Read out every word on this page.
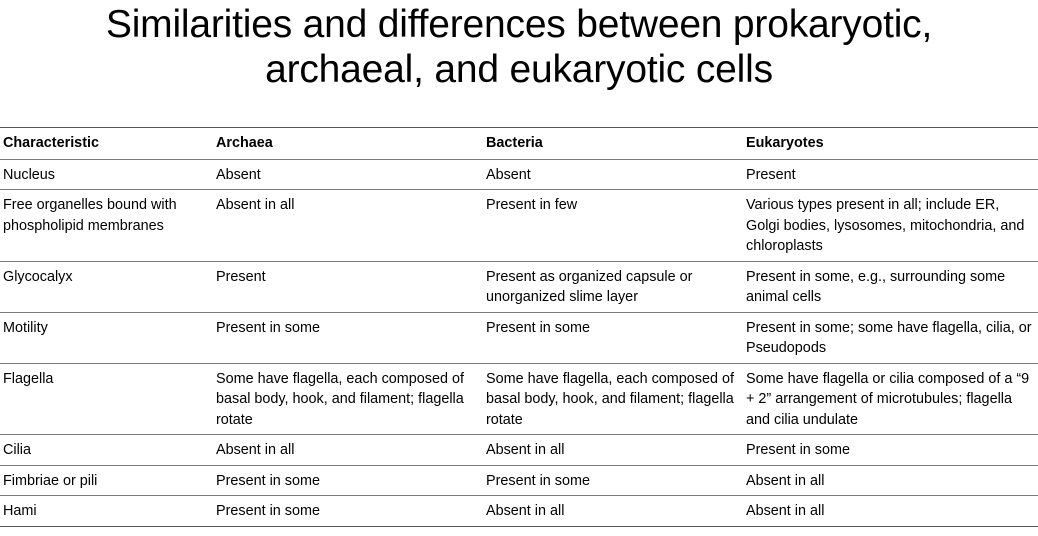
Similarities and differences between prokaryotic,
archaeal, and eukaryotic cells
Characteristic	Archaea	Bacteria	Eukaryotes
Nucleus	Absent	Absent	Present
Free organelles bound with phospholipid membranes	Absent in all	Present in few	Various types present in all; include ER, Golgi bodies, lysosomes, mitochondria, and chloroplasts
Glycocalyx	Present	Present as organized capsule or unorganized slime layer	Present in some, e.g., surrounding some animal cells
Motility	Present in some	Present in some	Present in some; some have flagella, cilia, or Pseudopods
Flagella	Some have flagella, each composed of basal body, hook, and filament; flagella rotate	Some have flagella, each composed of basal body, hook, and filament; flagella rotate	Some have flagella or cilia composed of a “9 + 2” arrangement of microtubules; flagella and cilia undulate
Cilia	Absent in all	Absent in all	Present in some
Fimbriae or pili	Present in some	Present in some	Absent in all
Hami	Present in some	Absent in all	Absent in all
